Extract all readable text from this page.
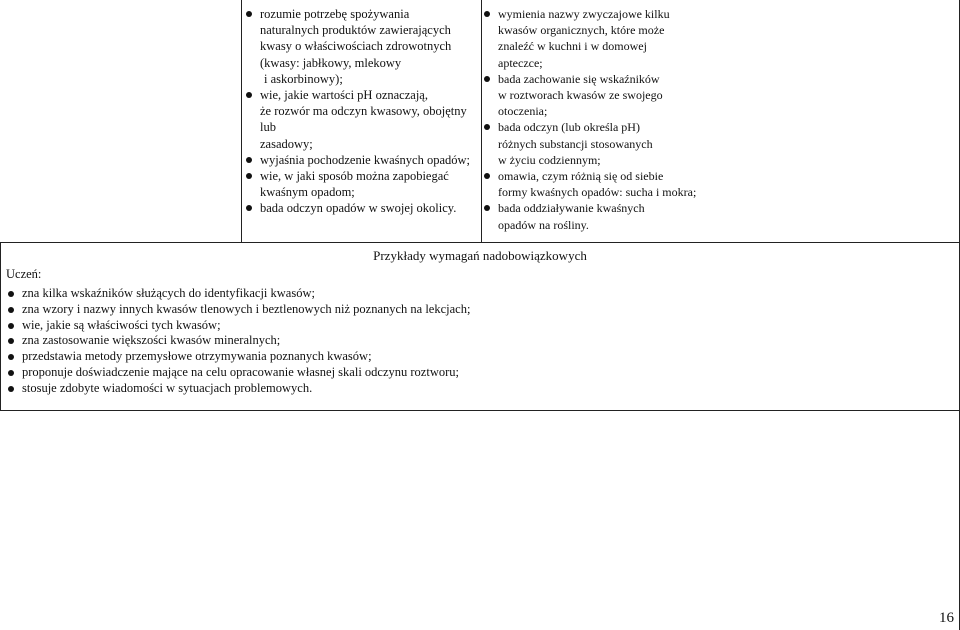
rozumie potrzebę spożywania
naturalnych produktów zawierających
kwasy o właściwościach zdrowotnych
(kwasy: jabłkowy, mlekowy
i askorbinowy);
wie, jakie wartości pH oznaczają,
że rozwór ma odczyn kwasowy, obojętny lub
zasadowy;
wyjaśnia pochodzenie kwaśnych opadów;
wie, w jaki sposób można zapobiegać
kwaśnym opadom;
bada odczyn opadów w swojej okolicy.
wymienia nazwy zwyczajowe kilku
kwasów organicznych, które może
znaleźć w kuchni i w domowej
apteczce;
bada zachowanie się wskaźników
w roztworach kwasów ze swojego
otoczenia;
bada odczyn (lub określa pH)
różnych substancji stosowanych
w życiu codziennym;
omawia, czym różnią się od siebie
formy kwaśnych opadów: sucha i mokra;
bada oddziaływanie kwaśnych
opadów na rośliny.
Przykłady wymagań nadobowiązkowych
Uczeń:
zna kilka wskaźników służących do identyfikacji kwasów;
zna wzory i nazwy innych kwasów tlenowych i beztlenowych niż poznanych na lekcjach;
wie, jakie są właściwości tych kwasów;
zna zastosowanie większości kwasów mineralnych;
przedstawia metody przemysłowe otrzymywania poznanych kwasów;
proponuje doświadczenie mające na celu opracowanie własnej skali odczynu roztworu;
stosuje zdobyte wiadomości w sytuacjach problemowych.
16
